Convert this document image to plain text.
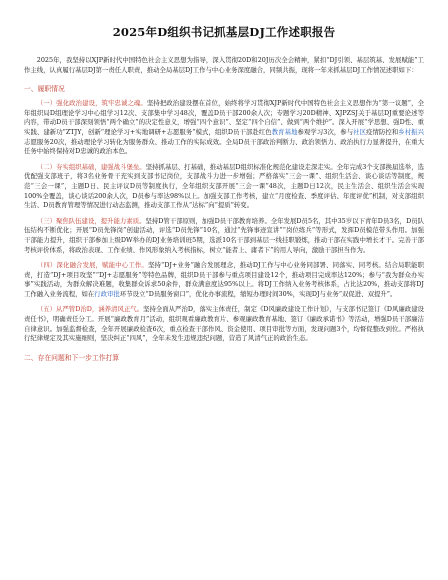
2025年D组织书记抓基层DJ工作述职报告

2025年，我坚持以XJP新时代中国特色社会主义思想为指导，深入贯彻20D和20J历次全会精神，紧扣“DJ引领、基层筑基、发展赋能”工作主线，认真履行基层DJ第一责任人职责，推动全局基层DJ工作与中心业务深度融合，同频共振，现将一年来抓基层DJ工作情况述职如下：

一、履职情况

（一）强化政治建设，筑牢忠诚之魂。坚持把政治建设摆在首位，始终将学习贯彻XJP新时代中国特色社会主义思想作为“第一议题”，全年组织局D组理论学习中心组学习12次、支部集中学习48次，覆盖D员干部200余人次；专题学习20D精神、XJPZSJ关于基层DJ重要论述等内容，带动D员干部深刻领悟“两个确立”的决定性意义，增强“四个意识”、坚定“四个自信”、做到“两个维护”。深入开展“学思想、强D性、重实践、建新功”ZTJY，创新“理论学习+实地调研+志愿服务”模式，组织D员干部赴红色教育基地参观学习3次，参与社区疫情防控和乡村振兴志愿服务20次，推动理论学习转化为服务群众、推动工作的实际成效。全局D员干部政治判断力、政治领悟力、政治执行力显著提升，在重大任务中始终保持对D忠诚的政治本色。

（二）夯实组织基础，建强战斗堡垒。坚持抓基层、打基础，推动基层D组织标准化规范化建设走深走实。全年完成3个支部换届选举，选优配强支部班子，将3名业务骨干充实到支部书记岗位，支部战斗力进一步增强；严格落实“三会一课”、组织生活会、谈心谈话等制度，规范“三会一课”，主题D日、民主评议D员等制度执行，全年组织支部开展“三会一课”48次，主题D日12次，民主生活会、组织生活会实现100%全覆盖，谈心谈话200余人次，D员参与率达98%以上。加强支部工作考核，建立“月度检查、季度评估、年度评优”机制，对支部组织生活、D员教育管理等情况进行动态监测，推动支部工作从“达标”向“提质”转变。

（三）聚焦队伍建设，提升能力素质。坚持D管干部原则，加强D员干部教育培养。全年发展D员5名，其中35岁以下青年D员3名，D员队伍结构不断优化；开展“D员先锋岗”创建活动，评选“D员先锋”10名，通过“先锋事迹宣讲”“岗位练兵”等形式，发挥D员模范带头作用。加强干部能力提升，组织干部参加上级DW举办的DJ业务培训班5期，选派10名干部到基层一线挂职锻炼，推动干部在实践中增长才干。完善干部考核评价体系，将政治表现、工作业绩、作风形象纳入考核指标，树立“能者上、庸者下”的用人导向，激励干部担当作为。

（四）深化融合发展，赋能中心工作。坚持“DJ+业务”融合发展理念，推动DJ工作与中心业务同部署、同落实、同考核。结合局职能职责，打造“DJ+项目攻坚”“DJ+志愿服务”等特色品牌，组织D员干部参与重点项目建设12个，推动项目完成率达120%；参与“我为群众办实事”实践活动，为群众解决难题，收集群众诉求50余件，群众满意度达95%以上。将DJ工作纳入业务考核体系，占比达20%，推动支部将DJ工作融入业务流程，如在行政审批环节设立“D员服务窗口”，优化办事流程，缩短办理时间30%，实现DJ与业务“双促进、双提升”。

（五）从严管D治D，涵养清风正气。坚持全面从严治D，落实主体责任，制定《D风廉政建设工作计划》，与支部书记签订《D风廉政建设责任书》，明确责任分工。开展“廉政教育月”活动，组织观看廉政教育片、参观廉政教育基地、签订《廉政承诺书》等活动，增强D员干部廉洁自律意识。加强监督检查，全年开展廉政检查6次，重点检查干部作风、资金使用、项目审批等方面，发现问题3个，均督促整改到位。严格执行纪律规定及其实施细则，坚决纠正“四风”，全年未发生违规违纪问题，营造了风清气正的政治生态。

二、存在问题和下一步工作打算
